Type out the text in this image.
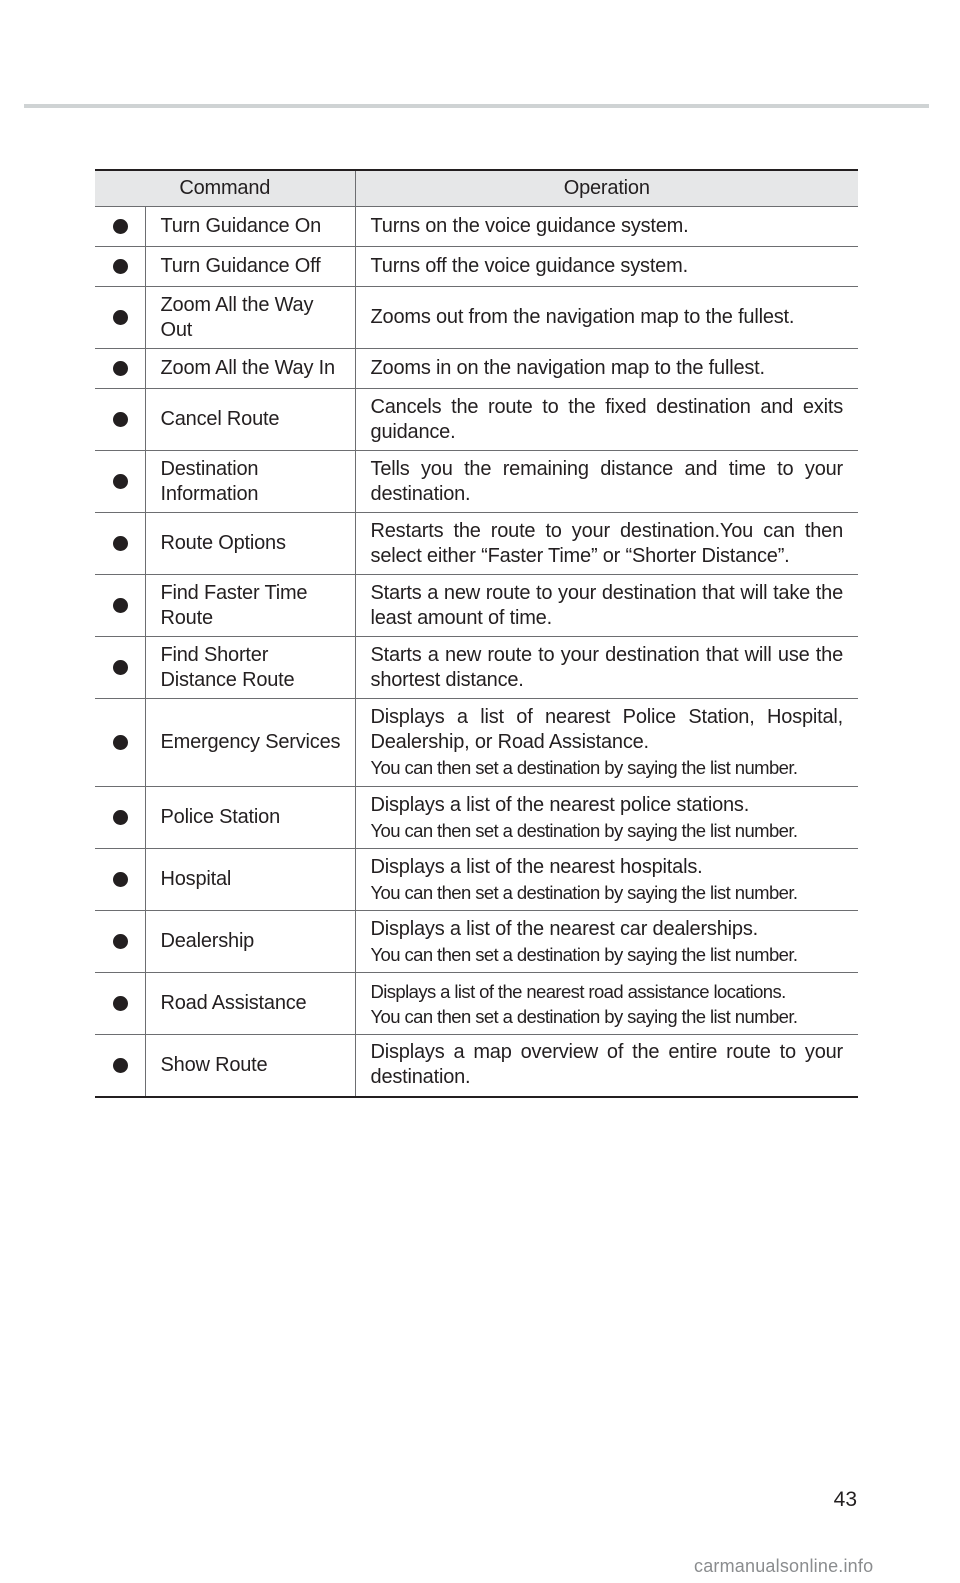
Command		Operation
	Turn Guidance On	Turns on the voice guidance system.

	Turn Guidance Off	Turns off the voice guidance system.

	Zoom All the Way Out	Zooms out from the navigation map to the fullest.

	Zoom All the Way In	Zooms in on the navigation map to the fullest.

	Cancel Route	Cancels the route to the fixed destination and exits guidance.

	Destination Information	Tells you the remaining distance and time to your destination.

	Route Options	Restarts the route to your destination.You can then select either “Faster Time” or “Shorter Distance”.

	Find Faster Time Route	Starts a new route to your destination that will take the least amount of time.

	Find Shorter Distance Route	Starts a new route to your destination that will use the shortest distance.

	Emergency Services	Displays a list of nearest Police Station, Hospital, Dealership, or Road Assistance.
You can then set a destination by saying the list number.

	Police Station	Displays a list of the nearest police stations.
You can then set a destination by saying the list number.

	Hospital	Displays a list of the nearest hospitals.
You can then set a destination by saying the list number.

	Dealership	Displays a list of the nearest car dealerships.
You can then set a destination by saying the list number.

	Road Assistance	Displays a list of the nearest road assistance locations.
You can then set a destination by saying the list number.

	Show Route	Displays a map overview of the entire route to your destination.
43
carmanualsonline.info
